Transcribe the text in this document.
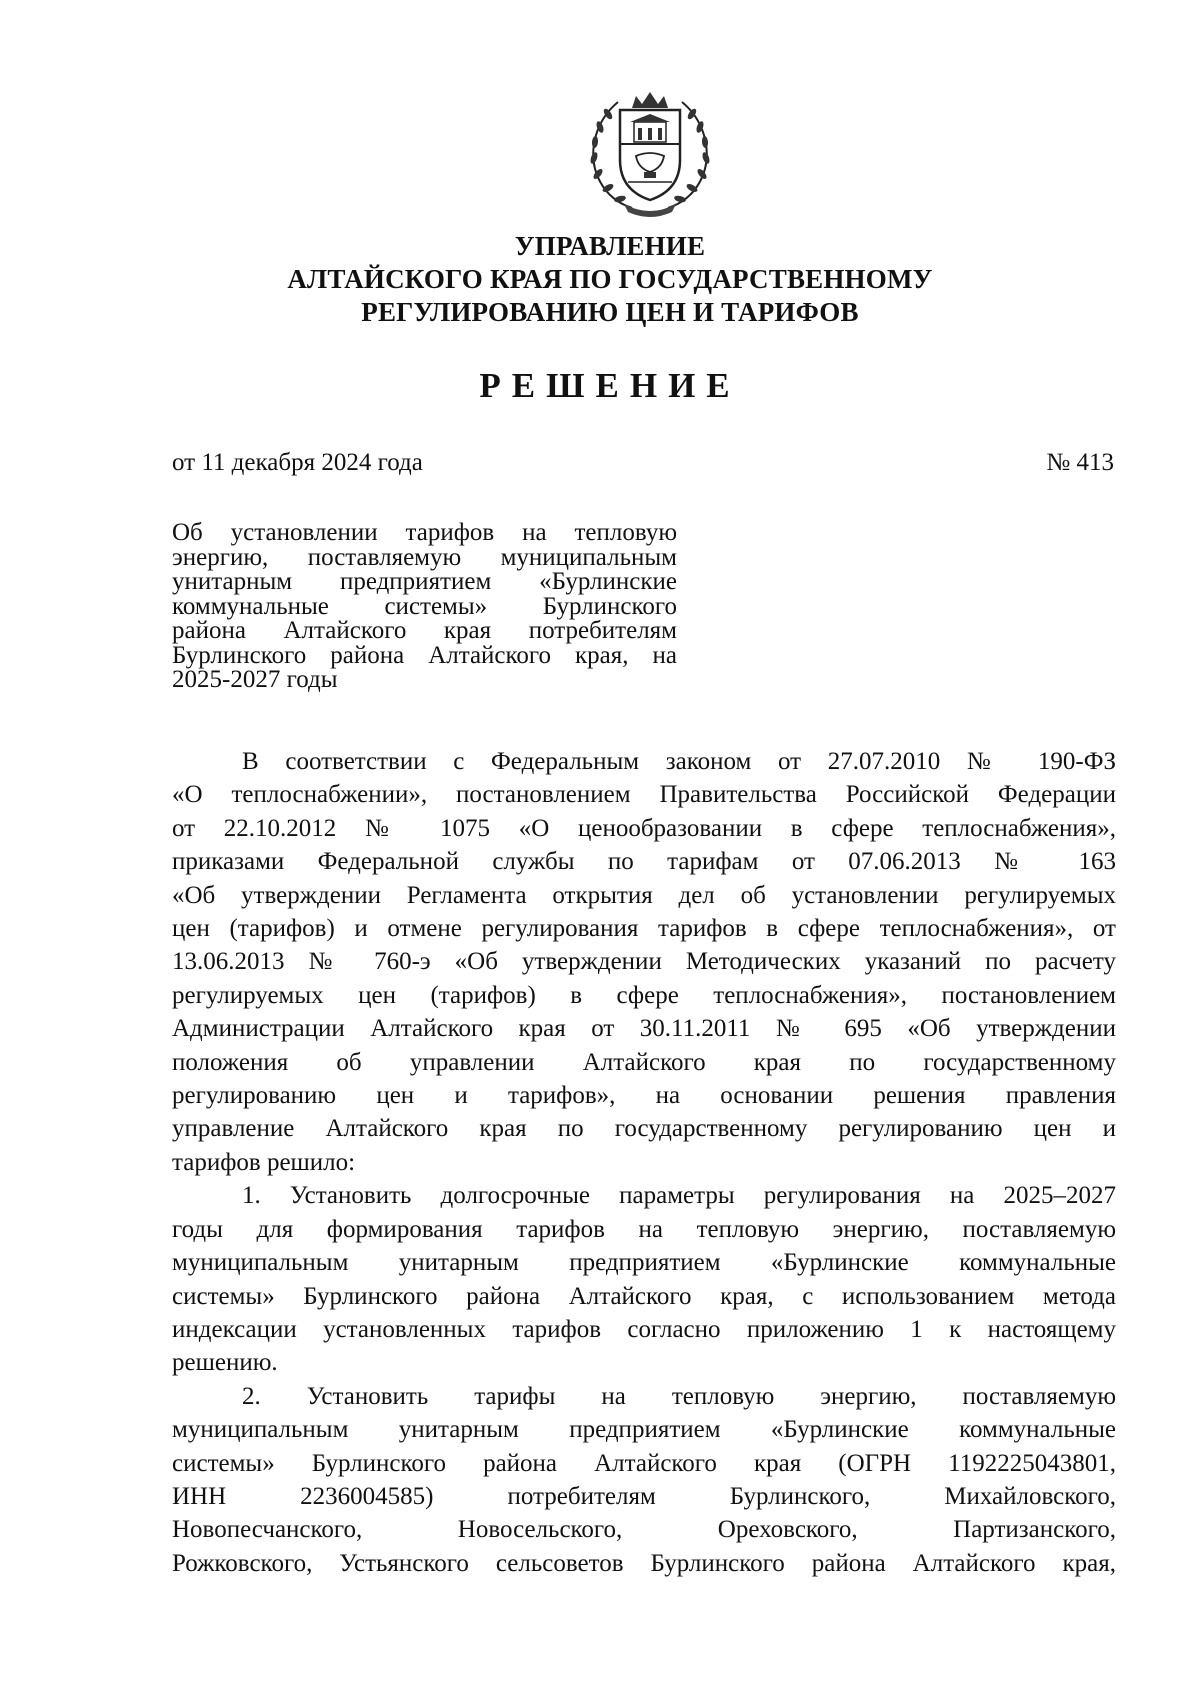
УПРАВЛЕНИЕ
АЛТАЙСКОГО КРАЯ ПО ГОСУДАРСТВЕННОМУ
РЕГУЛИРОВАНИЮ ЦЕН И ТАРИФОВ
РЕШЕНИЕ
от 11 декабря 2024 года	№ 413
Об установлении тарифов на тепловую
энергию, поставляемую муниципальным
унитарным предприятием «Бурлинские
коммунальные системы» Бурлинского
района Алтайского края потребителям
Бурлинского района Алтайского края, на
2025-2027 годы
В соответствии с Федеральным законом от 27.07.2010 № 190-ФЗ
«О теплоснабжении», постановлением Правительства Российской Федерации
от 22.10.2012 № 1075 «О ценообразовании в сфере теплоснабжения»,
приказами Федеральной службы по тарифам от 07.06.2013 № 163
«Об утверждении Регламента открытия дел об установлении регулируемых
цен (тарифов) и отмене регулирования тарифов в сфере теплоснабжения», от
13.06.2013 № 760-э «Об утверждении Методических указаний по расчету
регулируемых цен (тарифов) в сфере теплоснабжения», постановлением
Администрации Алтайского края от 30.11.2011 № 695 «Об утверждении
положения об управлении Алтайского края по государственному
регулированию цен и тарифов», на основании решения правления
управление Алтайского края по государственному регулированию цен и
тарифов решило:
1. Установить долгосрочные параметры регулирования на 2025–2027
годы для формирования тарифов на тепловую энергию, поставляемую
муниципальным унитарным предприятием «Бурлинские коммунальные
системы» Бурлинского района Алтайского края, с использованием метода
индексации установленных тарифов согласно приложению 1 к настоящему
решению.
2. Установить тарифы на тепловую энергию, поставляемую
муниципальным унитарным предприятием «Бурлинские коммунальные
системы» Бурлинского района Алтайского края (ОГРН 1192225043801,
ИНН 2236004585) потребителям Бурлинского, Михайловского,
Новопесчанского, Новосельского, Ореховского, Партизанского,
Рожковского, Устьянского сельсоветов Бурлинского района Алтайского края,
